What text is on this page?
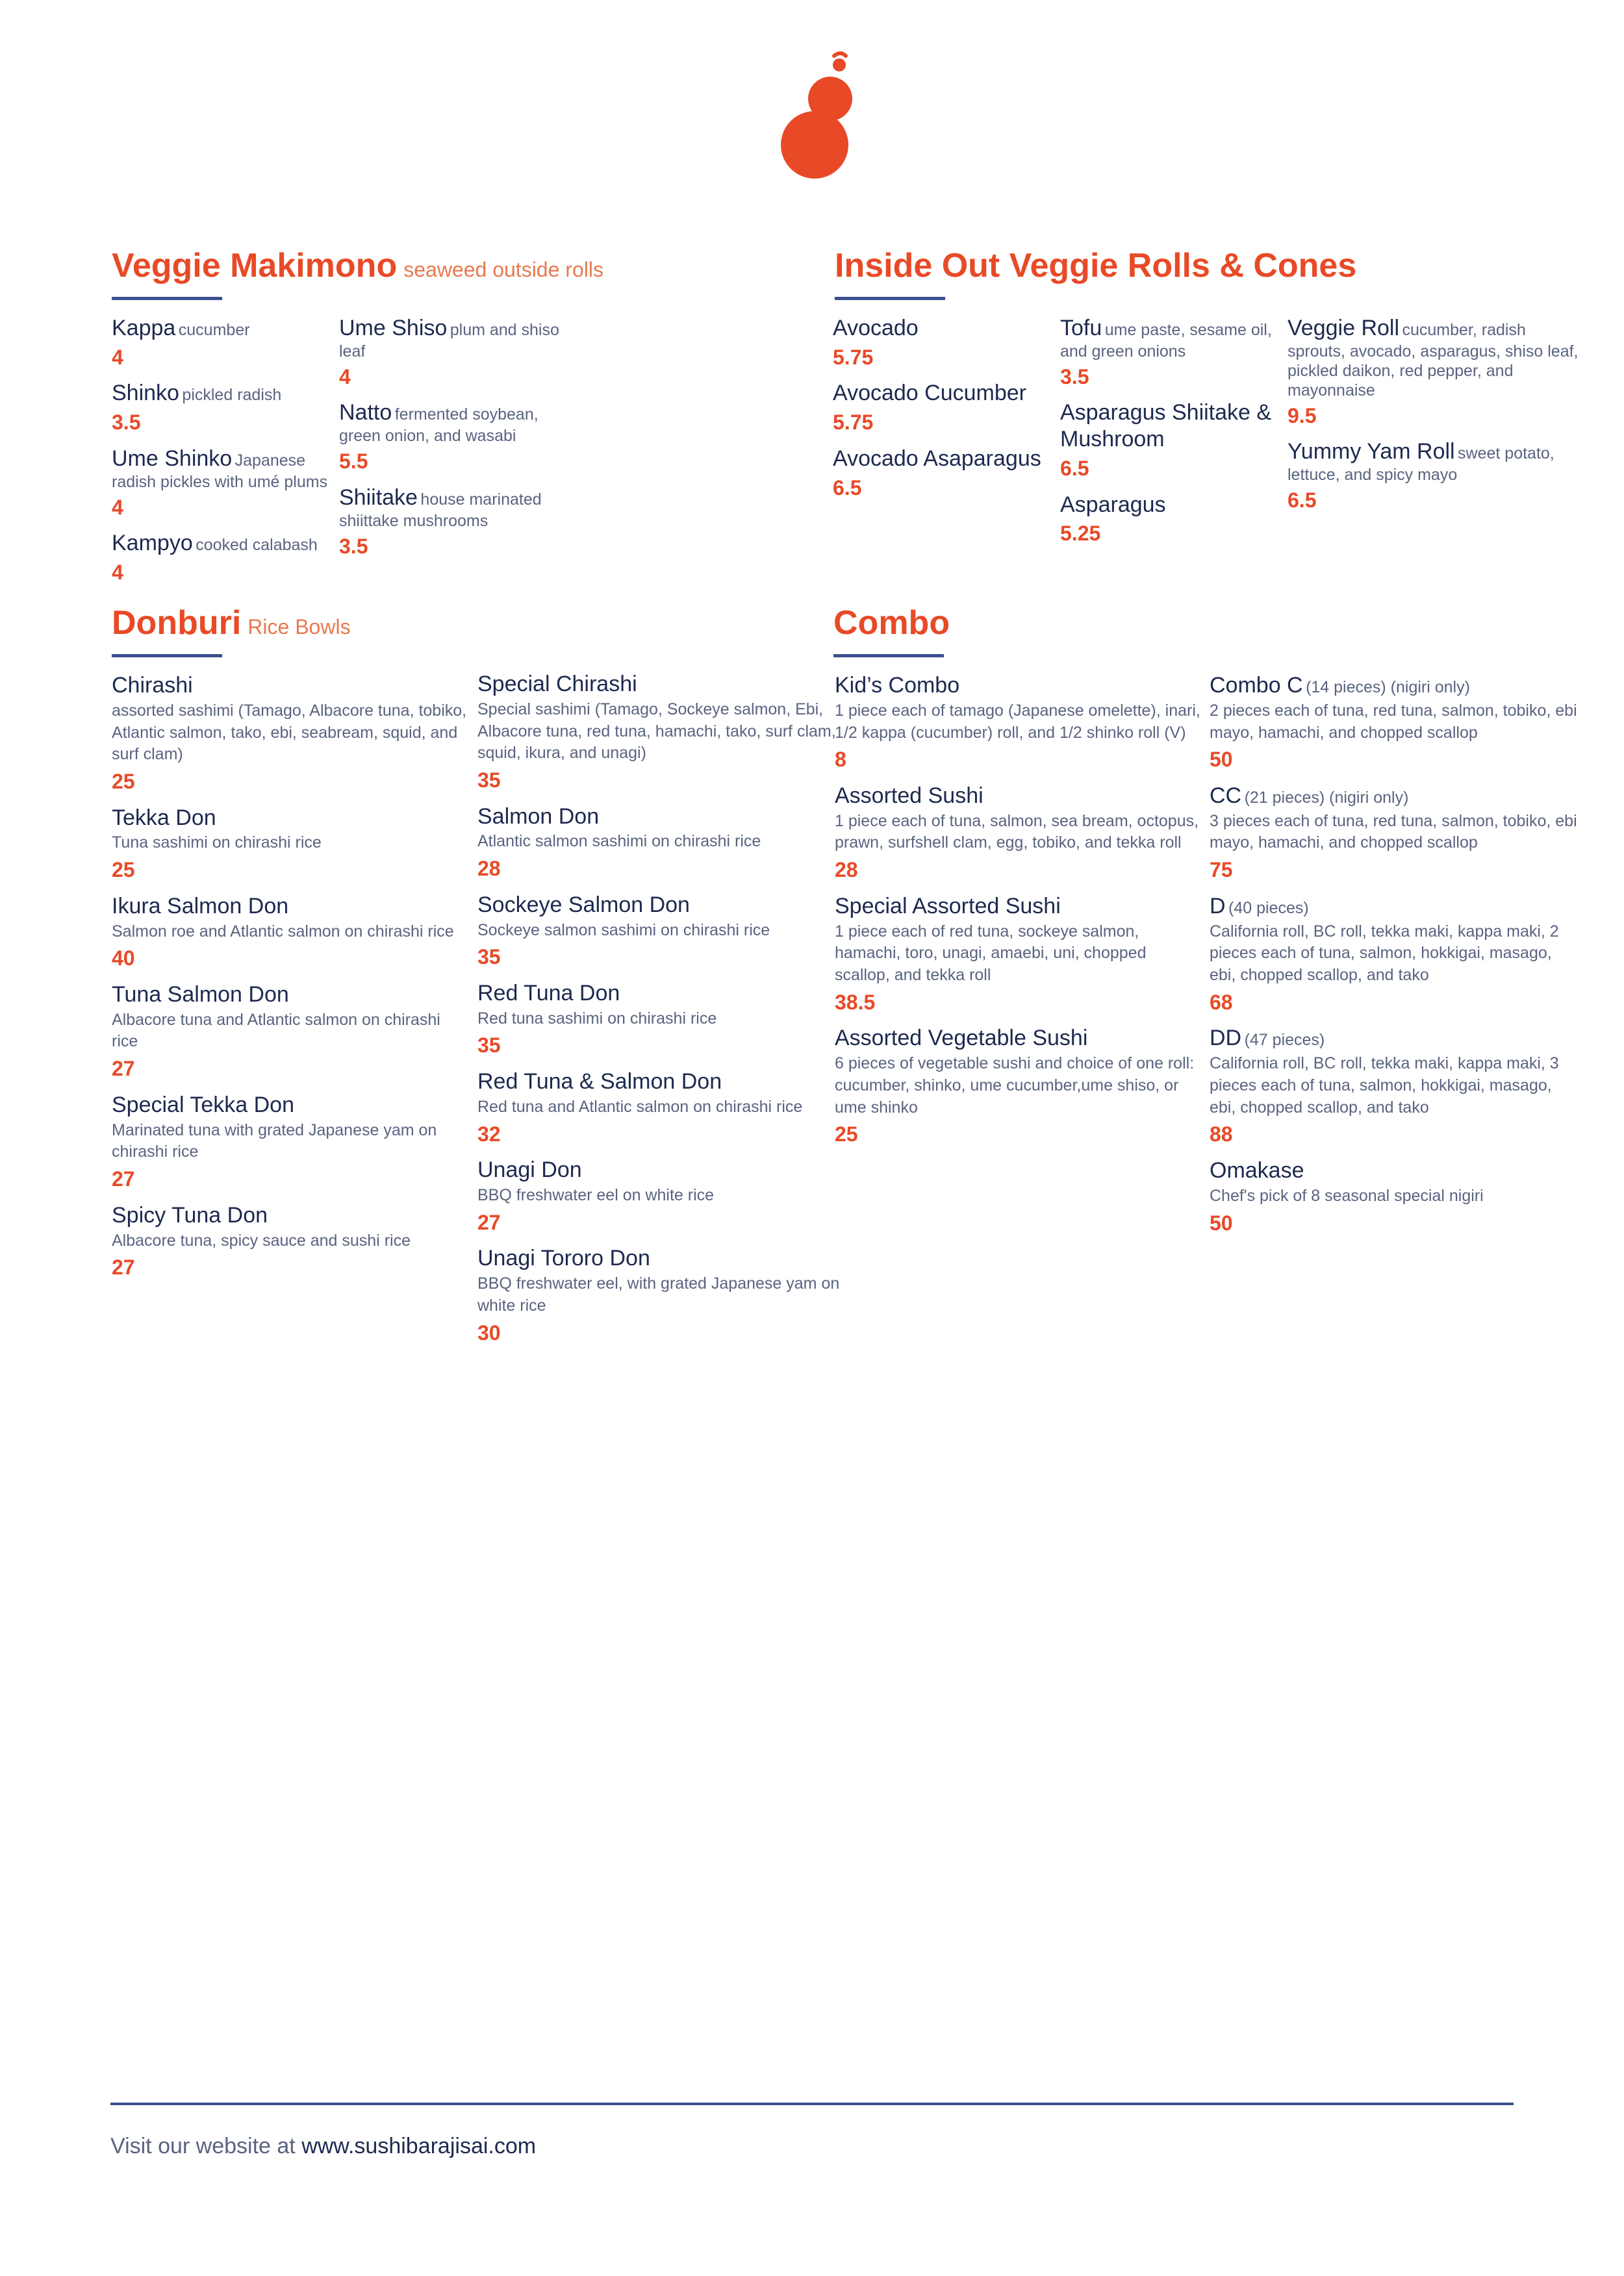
Veggie Makimono seaweed outside rolls
Kappa cucumber
4
Shinko pickled radish
3.5
Ume Shinko Japanese radish pickles with umé plums
4
Kampyo cooked calabash
4
Ume Shiso plum and shiso leaf
4
Natto fermented soybean, green onion, and wasabi
5.5
Shiitake house marinated shiittake mushrooms
3.5
Inside Out Veggie Rolls & Cones
Avocado
5.75
Avocado Cucumber
5.75
Avocado Asaparagus
6.5
Tofu ume paste, sesame oil, and green onions
3.5
Asparagus Shiitake & Mushroom
6.5
Asparagus
5.25
Veggie Roll cucumber, radish sprouts, avocado, asparagus, shiso leaf, pickled daikon, red pepper, and mayonnaise
9.5
Yummy Yam Roll sweet potato, lettuce, and spicy mayo
6.5
Donburi Rice Bowls
Chirashi
assorted sashimi (Tamago, Albacore tuna, tobiko, Atlantic salmon, tako, ebi, seabream, squid, and surf clam)
25
Tekka Don
Tuna sashimi on chirashi rice
25
Ikura Salmon Don
Salmon roe and Atlantic salmon on chirashi rice
40
Tuna Salmon Don
Albacore tuna and Atlantic salmon on chirashi rice
27
Special Tekka Don
Marinated tuna with grated Japanese yam on chirashi rice
27
Spicy Tuna Don
Albacore tuna, spicy sauce and sushi rice
27
Special Chirashi
Special sashimi (Tamago, Sockeye salmon, Ebi, Albacore tuna, red tuna, hamachi, tako, surf clam, squid, ikura, and unagi)
35
Salmon Don
Atlantic salmon sashimi on chirashi rice
28
Sockeye Salmon Don
Sockeye salmon sashimi on chirashi rice
35
Red Tuna Don
Red tuna sashimi on chirashi rice
35
Red Tuna & Salmon Don
Red tuna and Atlantic salmon on chirashi rice
32
Unagi Don
BBQ freshwater eel on white rice
27
Unagi Tororo Don
BBQ freshwater eel, with grated Japanese yam on white rice
30
Combo
Kid’s Combo
1 piece each of tamago (Japanese omelette), inari, 1/2 kappa (cucumber) roll, and 1/2 shinko roll (V)
8
Assorted Sushi
1 piece each of tuna, salmon, sea bream, octopus, prawn, surfshell clam, egg, tobiko, and tekka roll
28
Special Assorted Sushi
1 piece each of red tuna, sockeye salmon, hamachi, toro, unagi, amaebi, uni, chopped scallop, and tekka roll
38.5
Assorted Vegetable Sushi
6 pieces of vegetable sushi and choice of one roll: cucumber, shinko, ume cucumber,ume shiso, or ume shinko
25
Combo C (14 pieces) (nigiri only)
2 pieces each of tuna, red tuna, salmon, tobiko, ebi mayo, hamachi, and chopped scallop
50
CC (21 pieces) (nigiri only)
3 pieces each of tuna, red tuna, salmon, tobiko, ebi mayo, hamachi, and chopped scallop
75
D (40 pieces)
California roll, BC roll, tekka maki, kappa maki, 2 pieces each of tuna, salmon, hokkigai, masago, ebi, chopped scallop, and tako
68
DD (47 pieces)
California roll, BC roll, tekka maki, kappa maki, 3 pieces each of tuna, salmon, hokkigai, masago, ebi, chopped scallop, and tako
88
Omakase
Chef's pick of 8 seasonal special nigiri
50
Visit our website at www.sushibarajisai.com
